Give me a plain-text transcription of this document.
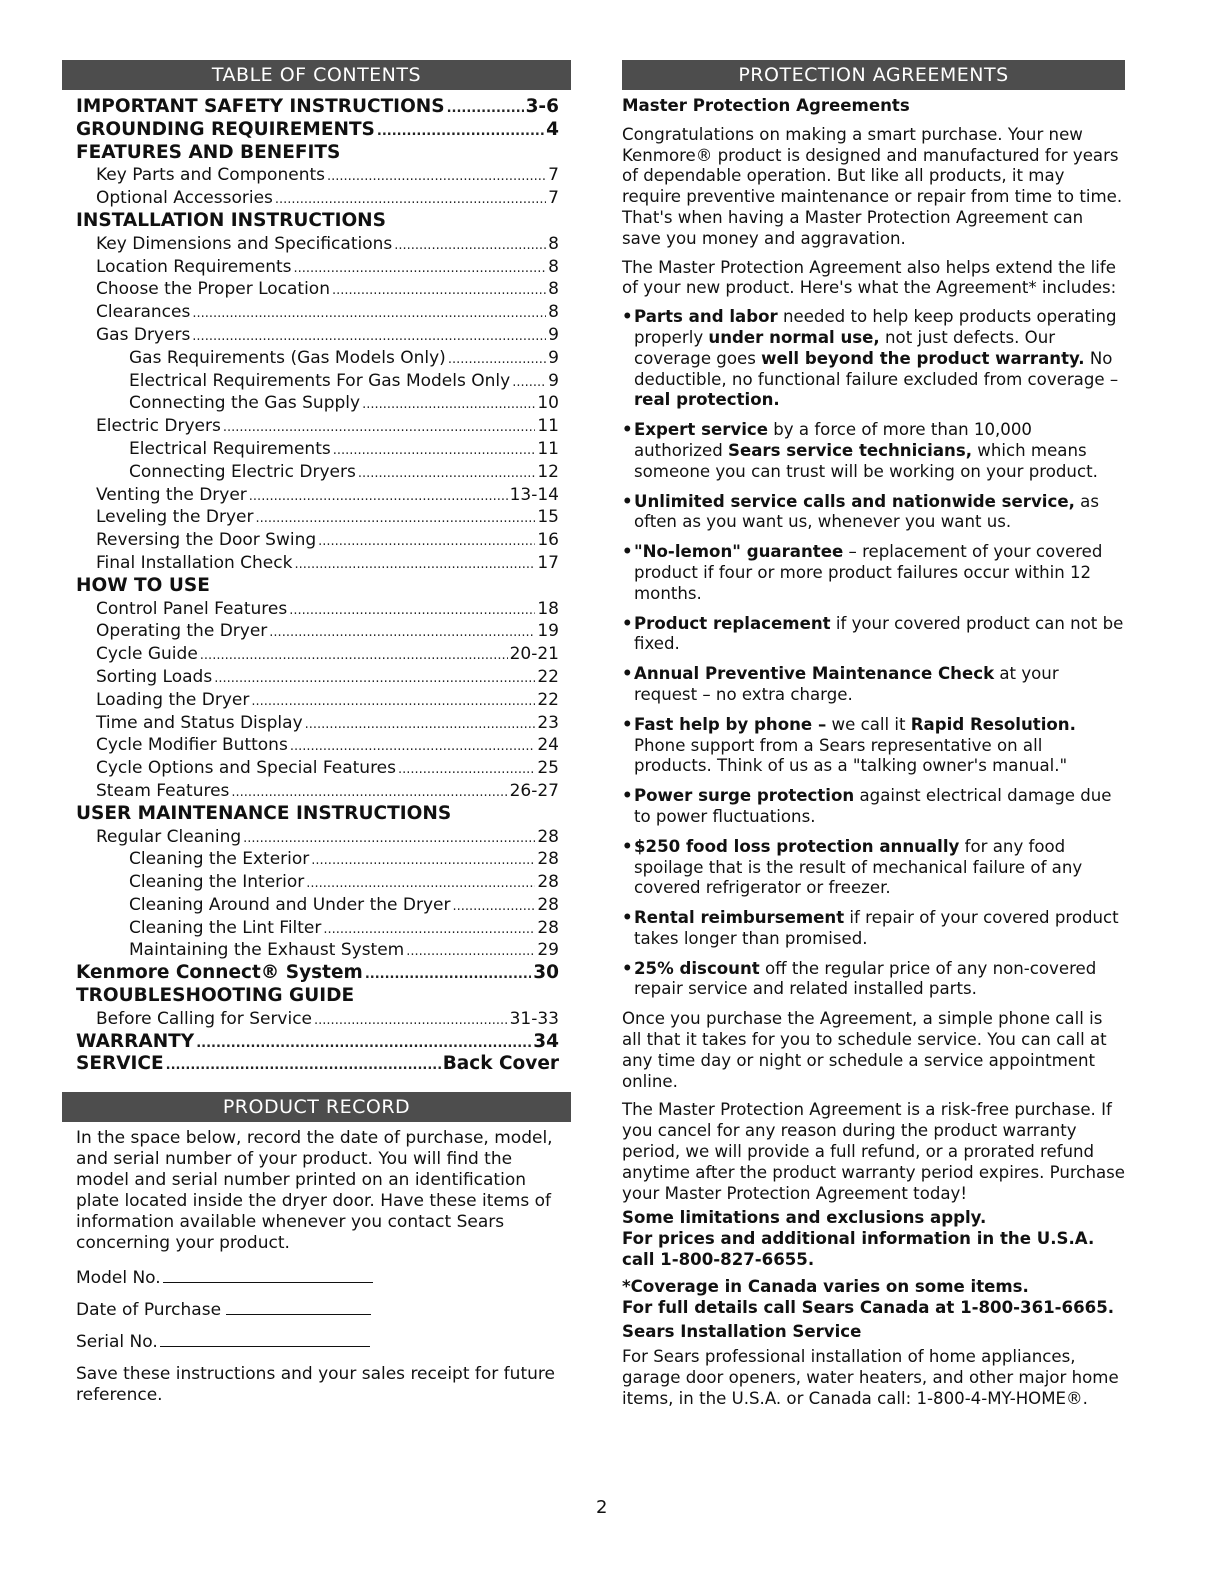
TABLE OF CONTENTS
IMPORTANT SAFETY INSTRUCTIONS .....	3-6
GROUNDING REQUIREMENTS .....	4
FEATURES AND BENEFITS
Key Parts and Components .....	7
Optional Accessories .....	7
INSTALLATION INSTRUCTIONS
Key Dimensions and Specifications .....	8
Location Requirements .....	8
Choose the Proper Location .....	8
Clearances .....	8
Gas Dryers .....	9
Gas Requirements (Gas Models Only) .....	9
Electrical Requirements For Gas Models Only ..... 9
Connecting the Gas Supply .....	10
Electric Dryers .....	11
Electrical Requirements .....	11
Connecting Electric Dryers .....	12
Venting the Dryer .....	13-14
Leveling the Dryer .....	15
Reversing the Door Swing .....	16
Final Installation Check .....	17
HOW TO USE
Control Panel Features .....	18
Operating the Dryer .....	19
Cycle Guide .....	20-21
Sorting Loads .....	22
Loading the Dryer .....	22
Time and Status Display .....	23
Cycle Modifier Buttons .....	24
Cycle Options and Special Features .....	25
Steam Features .....	26-27
USER MAINTENANCE INSTRUCTIONS
Regular Cleaning .....	28
Cleaning the Exterior .....	28
Cleaning the Interior .....	28
Cleaning Around and Under the Dryer .....	28
Cleaning the Lint Filter .....	28
Maintaining the Exhaust System .....	29
Kenmore Connect® System .....	30
TROUBLESHOOTING GUIDE
Before Calling for Service .....	31-33
WARRANTY .....	34
SERVICE .....	Back Cover
PRODUCT RECORD
In the space below, record the date of purchase, model, and serial number of your product. You will find the model and serial number printed on an identification plate located inside the dryer door. Have these items of information available whenever you contact Sears concerning your product.
Model No.
Date of Purchase
Serial No.
Save these instructions and your sales receipt for future reference.
PROTECTION AGREEMENTS
Master Protection Agreements

Congratulations on making a smart purchase. Your new Kenmore® product is designed and manufactured for years of dependable operation. But like all products, it may require preventive maintenance or repair from time to time. That's when having a Master Protection Agreement can save you money and aggravation.

The Master Protection Agreement also helps extend the life of your new product. Here's what the Agreement* includes:

• Parts and labor needed to help keep products operating properly under normal use, not just defects. Our coverage goes well beyond the product warranty. No deductible, no functional failure excluded from coverage – real protection.
• Expert service by a force of more than 10,000 authorized Sears service technicians, which means someone you can trust will be working on your product.
• Unlimited service calls and nationwide service, as often as you want us, whenever you want us.
• "No-lemon" guarantee – replacement of your covered product if four or more product failures occur within 12 months.
• Product replacement if your covered product can not be fixed.
• Annual Preventive Maintenance Check at your request – no extra charge.
• Fast help by phone – we call it Rapid Resolution. Phone support from a Sears representative on all products. Think of us as a "talking owner's manual."
• Power surge protection against electrical damage due to power fluctuations.
• $250 food loss protection annually for any food spoilage that is the result of mechanical failure of any covered refrigerator or freezer.
• Rental reimbursement if repair of your covered product takes longer than promised.
• 25% discount off the regular price of any non-covered repair service and related installed parts.

Once you purchase the Agreement, a simple phone call is all that it takes for you to schedule service. You can call at any time day or night or schedule a service appointment online.

The Master Protection Agreement is a risk-free purchase. If you cancel for any reason during the product warranty period, we will provide a full refund, or a prorated refund anytime after the product warranty period expires. Purchase your Master Protection Agreement today!

Some limitations and exclusions apply.
For prices and additional information in the U.S.A. call 1-800-827-6655.
*Coverage in Canada varies on some items.
For full details call Sears Canada at 1-800-361-6665.
Sears Installation Service

For Sears professional installation of home appliances, garage door openers, water heaters, and other major home items, in the U.S.A. or Canada call: 1-800-4-MY-HOME®.

2
